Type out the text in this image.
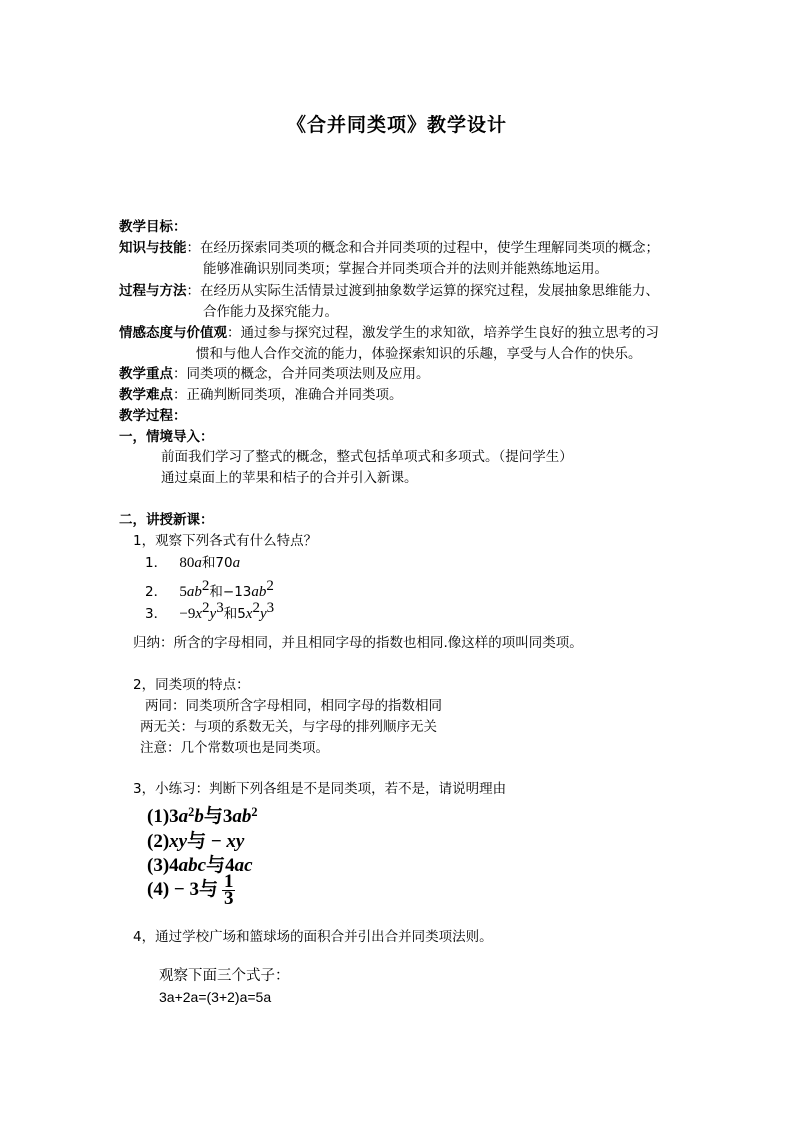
《合并同类项》教学设计
教学目标：
知识与技能：在经历探索同类项的概念和合并同类项的过程中，使学生理解同类项的概念；
能够准确识别同类项；掌握合并同类项合并的法则并能熟练地运用。
过程与方法：在经历从实际生活情景过渡到抽象数学运算的探究过程，发展抽象思维能力、
合作能力及探究能力。
情感态度与价值观：通过参与探究过程，激发学生的求知欲，培养学生良好的独立思考的习
惯和与他人合作交流的能力，体验探索知识的乐趣，享受与人合作的快乐。
教学重点：同类项的概念，合并同类项法则及应用。
教学难点：正确判断同类项，准确合并同类项。
教学过程：
一，情境导入：
前面我们学习了整式的概念，整式包括单项式和多项式。（提问学生）
通过桌面上的苹果和桔子的合并引入新课。
二，讲授新课：
1，观察下列各式有什么特点？
1． 80a和70a
2． $5ab^2$和$-13ab^2$
3． $-9x^2y^3$和$5x^2y^3$
归纳：所含的字母相同，并且相同字母的指数也相同.像这样的项叫同类项。
2，同类项的特点：
两同：同类项所含字母相同，相同字母的指数相同
两无关：与项的系数无关，与字母的排列顺序无关
注意：几个常数项也是同类项。
3，小练习：判断下列各组是不是同类项，若不是，请说明理由
$(1)3a^2b$与$3ab^2$
(2)xy与 − xy
(3)4abc与4ac
(4) − 3与 $\frac{1}{3}$
4，通过学校广场和篮球场的面积合并引出合并同类项法则。
观察下面三个式子：
3a+2a=(3+2)a=5a
